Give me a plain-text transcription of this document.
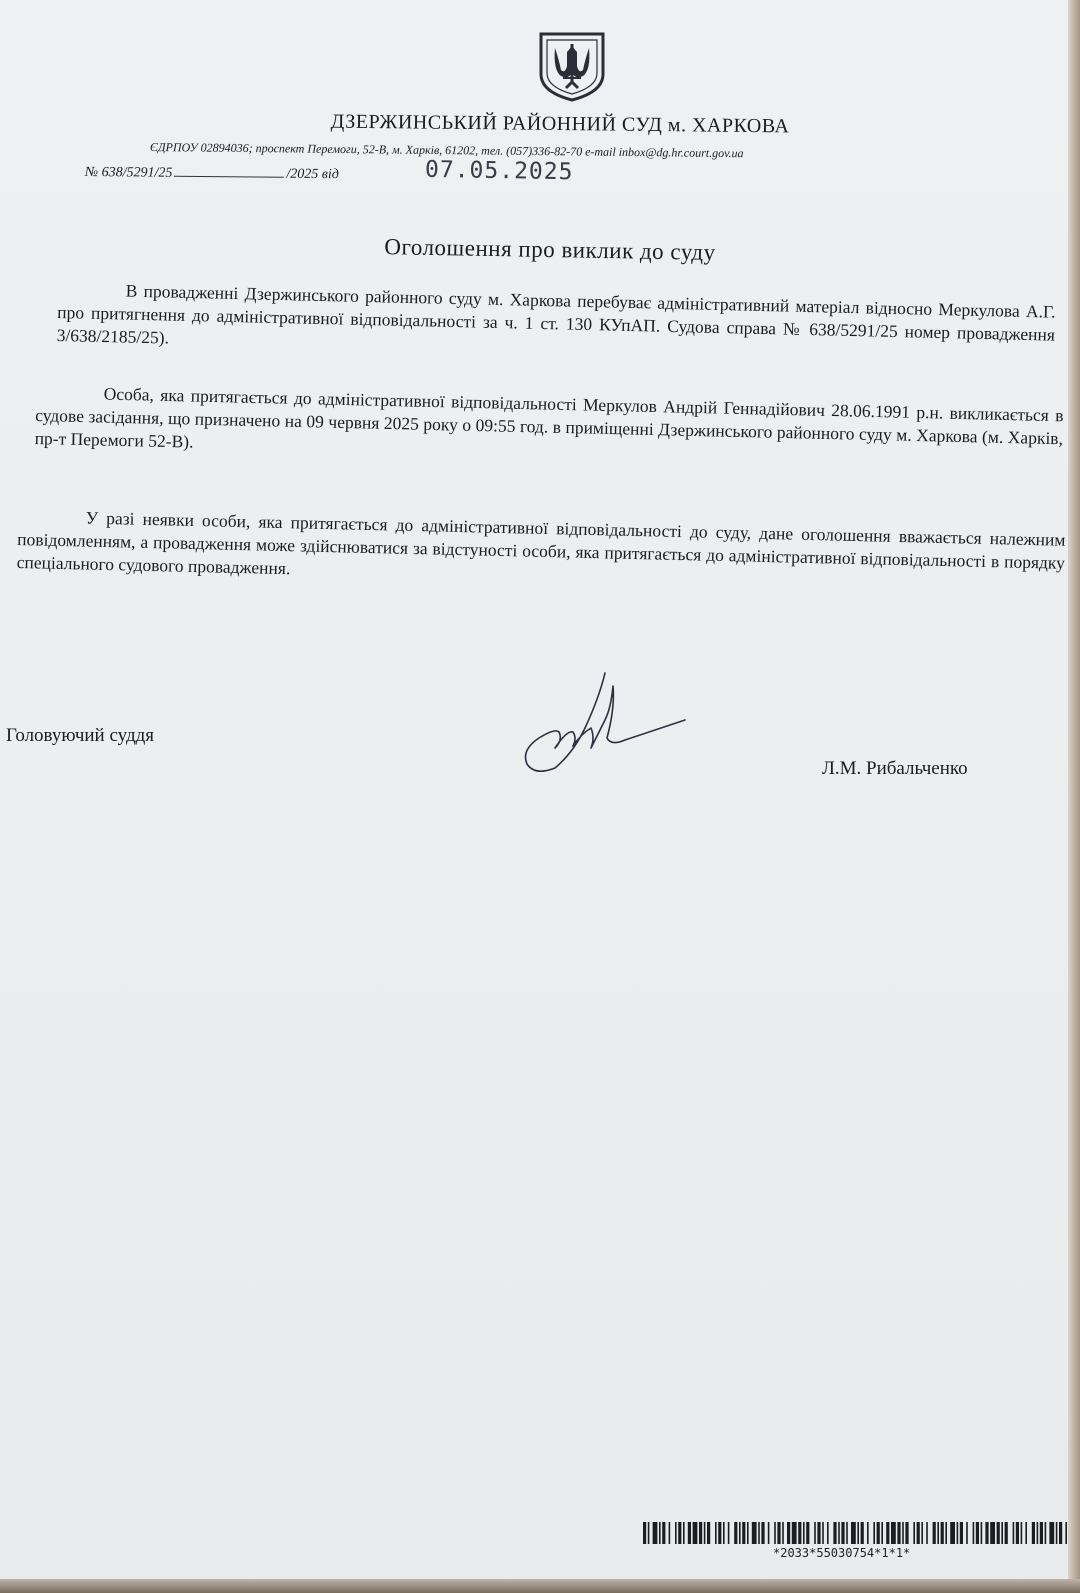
ДЗЕРЖИНСЬКИЙ РАЙОННИЙ СУД м. ХАРКОВА
ЄДРПОУ 02894036; проспект Перемоги, 52-В, м. Харків, 61202, тел. (057)336-82-70 e-mail inbox@dg.hr.court.gov.ua
№ 638/5291/25	/2025 від	07.05.2025
Оголошення про виклик до суду
В провадженні Дзержинського районного суду м. Харкова перебуває адміністративний матеріал відносно Меркулова А.Г. про притягнення до адміністративної відповідальності за ч. 1 ст. 130 КУпАП. Судова справа № 638/5291/25 номер провадження 3/638/2185/25).
Особа, яка притягається до адміністративної відповідальності Меркулов Андрій Геннадійович 28.06.1991 р.н. викликається в судове засідання, що призначено на 09 червня 2025 року о 09:55 год. в приміщенні Дзержинського районного суду м. Харкова (м. Харків, пр-т Перемоги 52-В).
У разі неявки особи, яка притягається до адміністративної відповідальності до суду, дане оголошення вважається належним повідомленням, а провадження може здійснюватися за відстуності особи, яка притягається до адміністративної відповідальності в порядку спеціального судового провадження.
Головуючий суддя
Л.М. Рибальченко
*2033*55030754*1*1*
